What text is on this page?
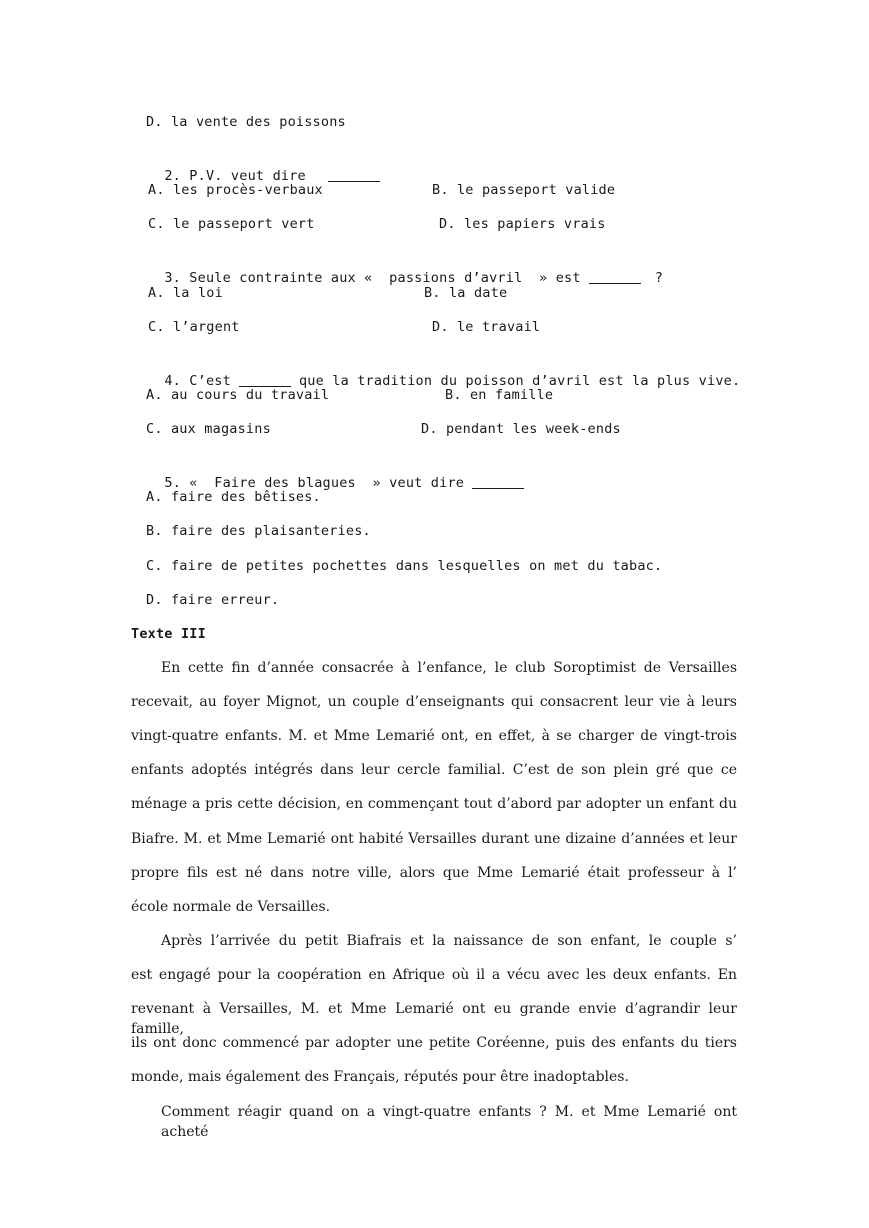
D. la vente des poissons

2. P.V. veut dire

A. les procès-verbaux	B. le passeport valide
C. le passeport vert	D. les papiers vrais

3. Seule contrainte aux «  passions d’avril  » est	?

A. la loi	B. la date
C. l’argent	D. le travail

4. C’est	que la tradition du poisson d’avril est la plus vive.

A. au cours du travail	B. en famille
C. aux magasins	D. pendant les week-ends

5. «  Faire des blagues  » veut dire

A. faire des bêtises.
B. faire des plaisanteries.
C. faire de petites pochettes dans lesquelles on met du tabac.
D. faire erreur.
Texte III
En cette fin d’année consacrée à l’enfance, le club Soroptimist de Versailles
recevait, au foyer Mignot, un couple d’enseignants qui consacrent leur vie à leurs
vingt-quatre enfants. M. et Mme Lemarié ont, en effet, à se charger de vingt-trois
enfants adoptés intégrés dans leur cercle familial. C’est de son plein gré que ce
ménage a pris cette décision, en commençant tout d’abord par adopter un enfant du
Biafre. M. et Mme Lemarié ont habité Versailles durant une dizaine d’années et leur
propre fils est né dans notre ville, alors que Mme Lemarié était professeur à l’
école normale de Versailles.
Après l’arrivée du petit Biafrais et la naissance de son enfant, le couple s’
est engagé pour la coopération en Afrique où il a vécu avec les deux enfants. En
revenant à Versailles, M. et Mme Lemarié ont eu grande envie d’agrandir leur famille,
ils ont donc commencé par adopter une petite Coréenne, puis des enfants du tiers
monde, mais également des Français, réputés pour être inadoptables.
Comment réagir quand on a vingt-quatre enfants ? M. et Mme Lemarié ont acheté
